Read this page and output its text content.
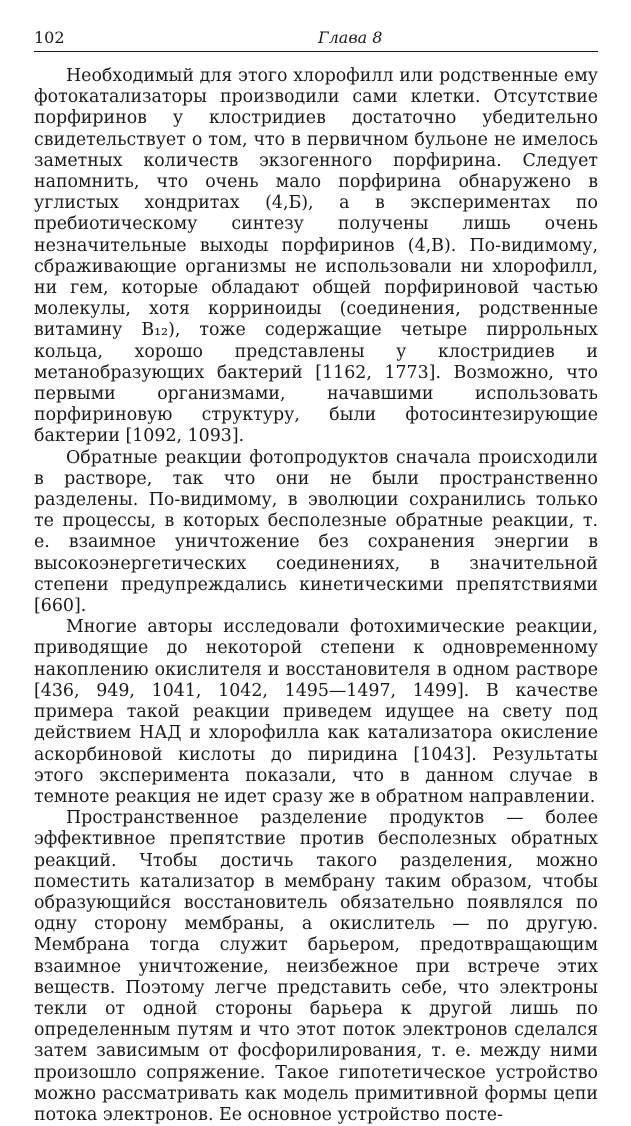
102	Глава 8

Необходимый для этого хлорофилл или родственные ему фотокатализаторы производили сами клетки. Отсутствие порфиринов у клостридиев достаточно убедительно свидетельствует о том, что в первичном бульоне не имелось заметных количеств экзогенного порфирина. Следует напомнить, что очень мало порфирина обнаружено в углистых хондритах (4,Б), а в экспериментах по пребиотическому синтезу получены лишь очень незначительные выходы порфиринов (4,В). По-видимому, сбраживающие организмы не использовали ни хлорофилл, ни гем, которые обладают общей порфириновой частью молекулы, хотя корриноиды (соединения, родственные витамину B₁₂), тоже содержащие четыре пиррольных кольца, хорошо представлены у клостридиев и метанобразующих бактерий [1162, 1773]. Возможно, что первыми организмами, начавшими использовать порфириновую структуру, были фотосинтезирующие бактерии [1092, 1093].

Обратные реакции фотопродуктов сначала происходили в растворе, так что они не были пространственно разделены. По-видимому, в эволюции сохранились только те процессы, в которых бесполезные обратные реакции, т. е. взаимное уничтожение без сохранения энергии в высокоэнергетических соединениях, в значительной степени предупреждались кинетическими препятствиями [660].

Многие авторы исследовали фотохимические реакции, приводящие до некоторой степени к одновременному накоплению окислителя и восстановителя в одном растворе [436, 949, 1041, 1042, 1495—1497, 1499]. В качестве примера такой реакции приведем идущее на свету под действием НАД и хлорофилла как катализатора окисление аскорбиновой кислоты до пиридина [1043]. Результаты этого эксперимента показали, что в данном случае в темноте реакция не идет сразу же в обратном направлении.

Пространственное разделение продуктов — более эффективное препятствие против бесполезных обратных реакций. Чтобы достичь такого разделения, можно поместить катализатор в мембрану таким образом, чтобы образующийся восстановитель обязательно появлялся по одну сторону мембраны, а окислитель — по другую. Мембрана тогда служит барьером, предотвращающим взаимное уничтожение, неизбежное при встрече этих веществ. Поэтому легче представить себе, что электроны текли от одной стороны барьера к другой лишь по определенным путям и что этот поток электронов сделался затем зависимым от фосфорилирования, т. е. между ними произошло сопряжение. Такое гипотетическое устройство можно рассматривать как модель примитивной формы цепи потока электронов. Ее основное устройство посте-
